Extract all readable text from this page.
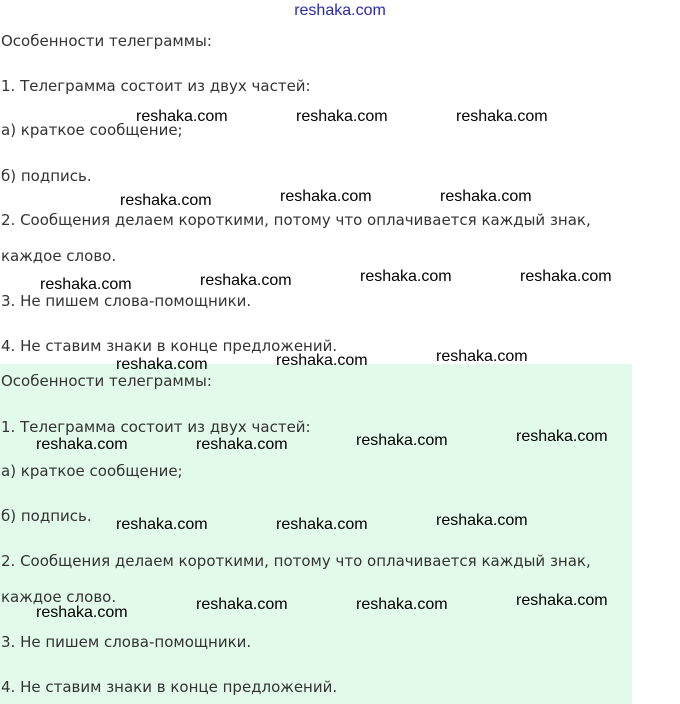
reshaka.com
Особенности телеграммы:
1. Телеграмма состоит из двух частей:
а) краткое сообщение;
б) подпись.
2. Сообщения делаем короткими, потому что оплачивается каждый знак,
каждое слово.
3. Не пишем слова-помощники.
4. Не ставим знаки в конце предложений.
Особенности телеграммы:
1. Телеграмма состоит из двух частей:
а) краткое сообщение;
б) подпись.
2. Сообщения делаем короткими, потому что оплачивается каждый знак,
каждое слово.
3. Не пишем слова-помощники.
4. Не ставим знаки в конце предложений.
reshaka.com	reshaka.com	reshaka.com
reshaka.com	reshaka.com	reshaka.com
reshaka.com	reshaka.com	reshaka.com	reshaka.com
reshaka.com	reshaka.com	reshaka.com
reshaka.com	reshaka.com	reshaka.com	reshaka.com
reshaka.com	reshaka.com	reshaka.com
reshaka.com	reshaka.com	reshaka.com	reshaka.com
